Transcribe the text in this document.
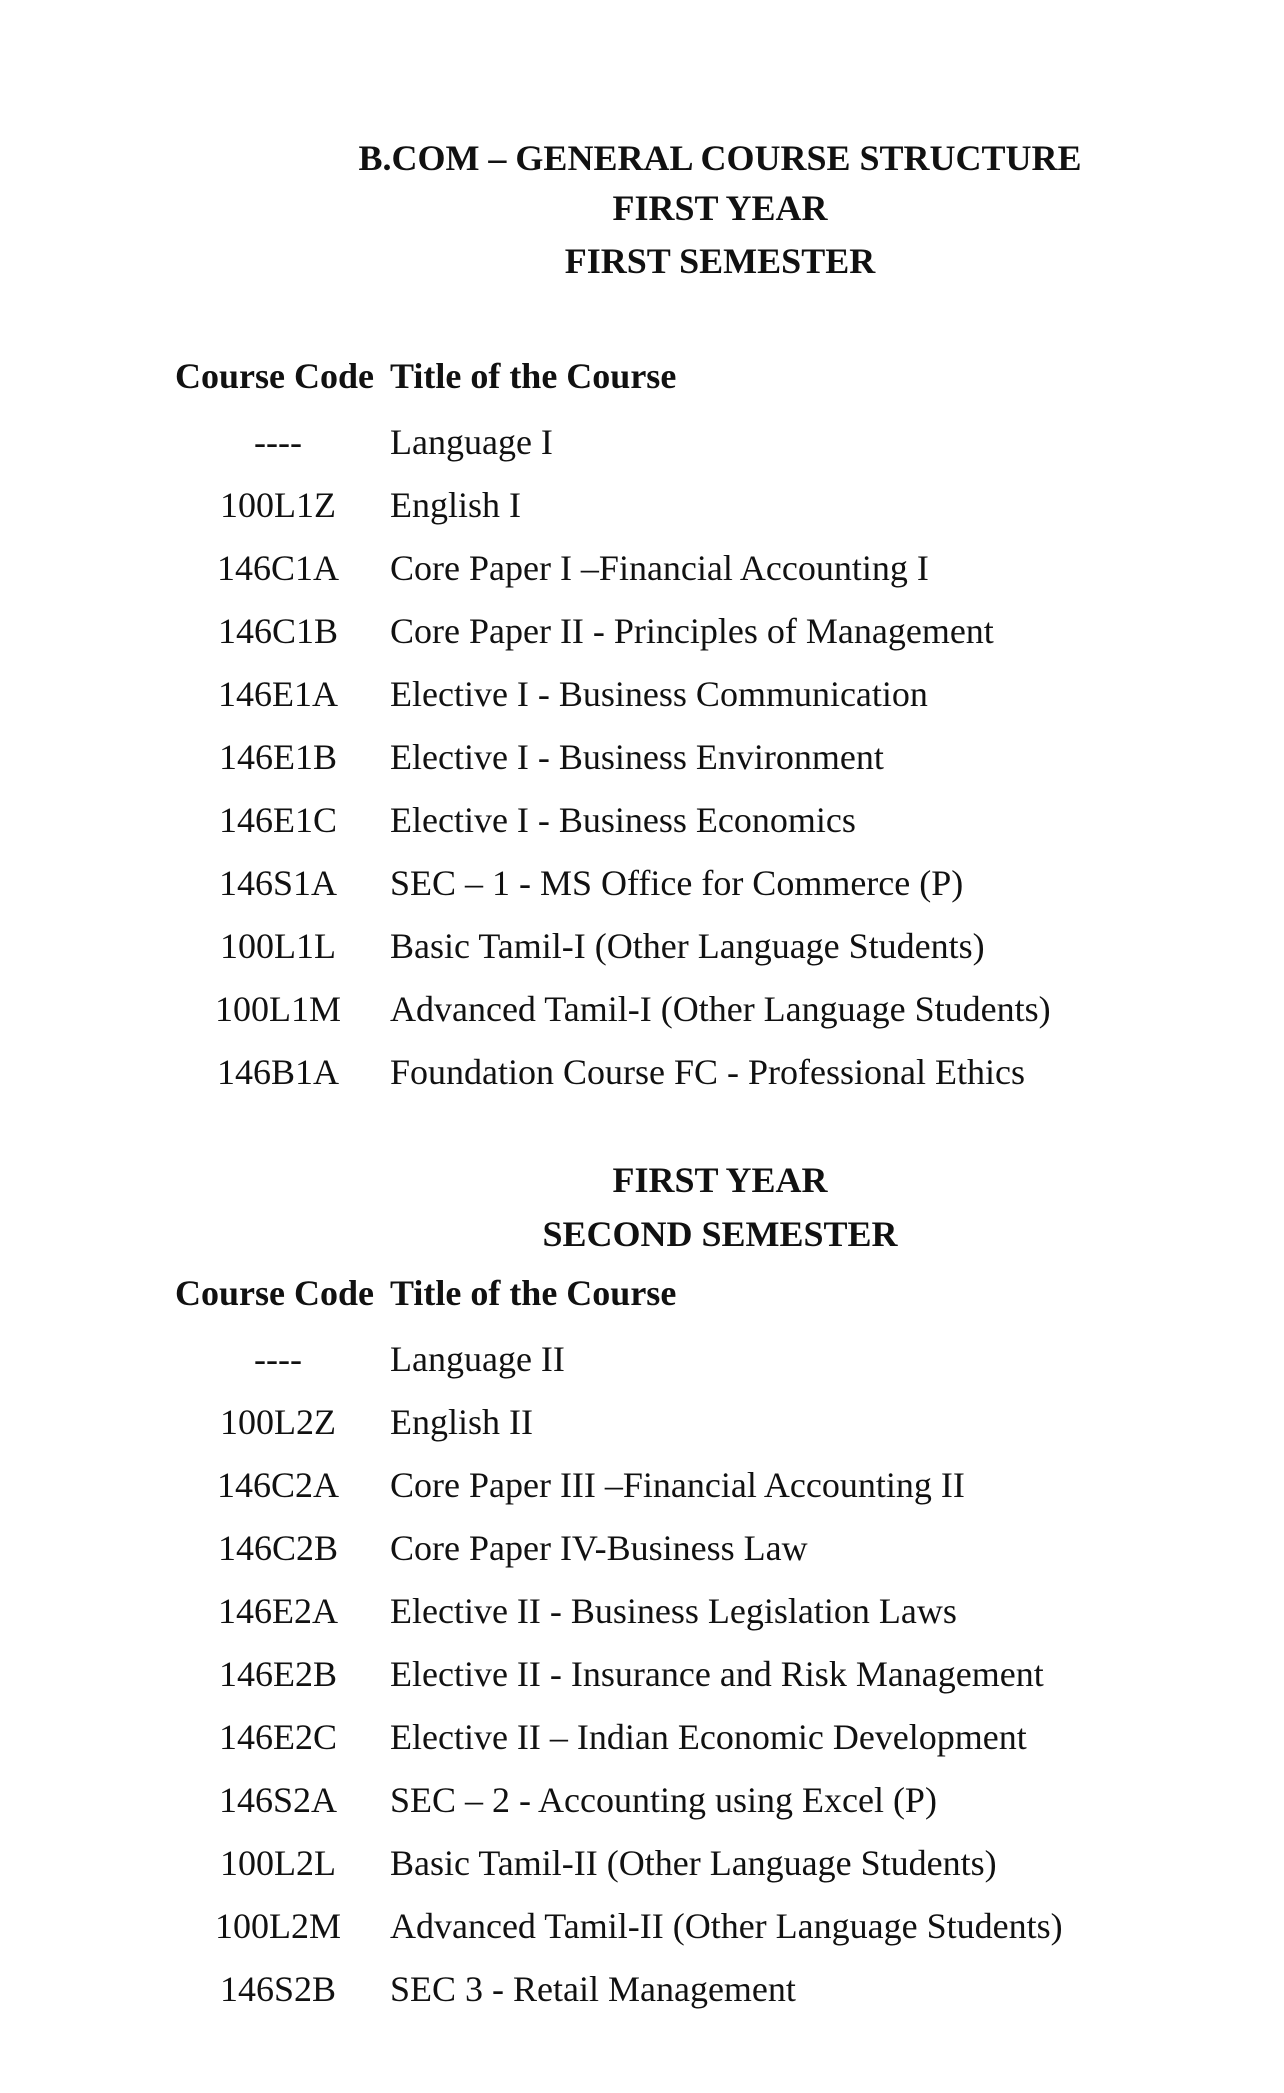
B.COM – GENERAL COURSE STRUCTURE
FIRST YEAR
FIRST SEMESTER
Course Code Title of the Course
----	Language I
100L1Z	English I
146C1A	Core Paper I –Financial Accounting I
146C1B	Core Paper II - Principles of Management
146E1A	Elective I - Business Communication
146E1B	Elective I - Business Environment
146E1C	Elective I - Business Economics
146S1A	SEC – 1 - MS Office for Commerce (P)
100L1L	Basic Tamil-I (Other Language Students)
100L1M	Advanced Tamil-I (Other Language Students)
146B1A	Foundation Course FC - Professional Ethics
FIRST YEAR
SECOND SEMESTER
Course Code Title of the Course
----	Language II
100L2Z	English II
146C2A	Core Paper III –Financial Accounting II
146C2B	Core Paper IV-Business Law
146E2A	Elective II - Business Legislation Laws
146E2B	Elective II - Insurance and Risk Management
146E2C	Elective II – Indian Economic Development
146S2A	SEC – 2 - Accounting using Excel (P)
100L2L	Basic Tamil-II (Other Language Students)
100L2M	Advanced Tamil-II (Other Language Students)
146S2B	SEC 3 - Retail Management
